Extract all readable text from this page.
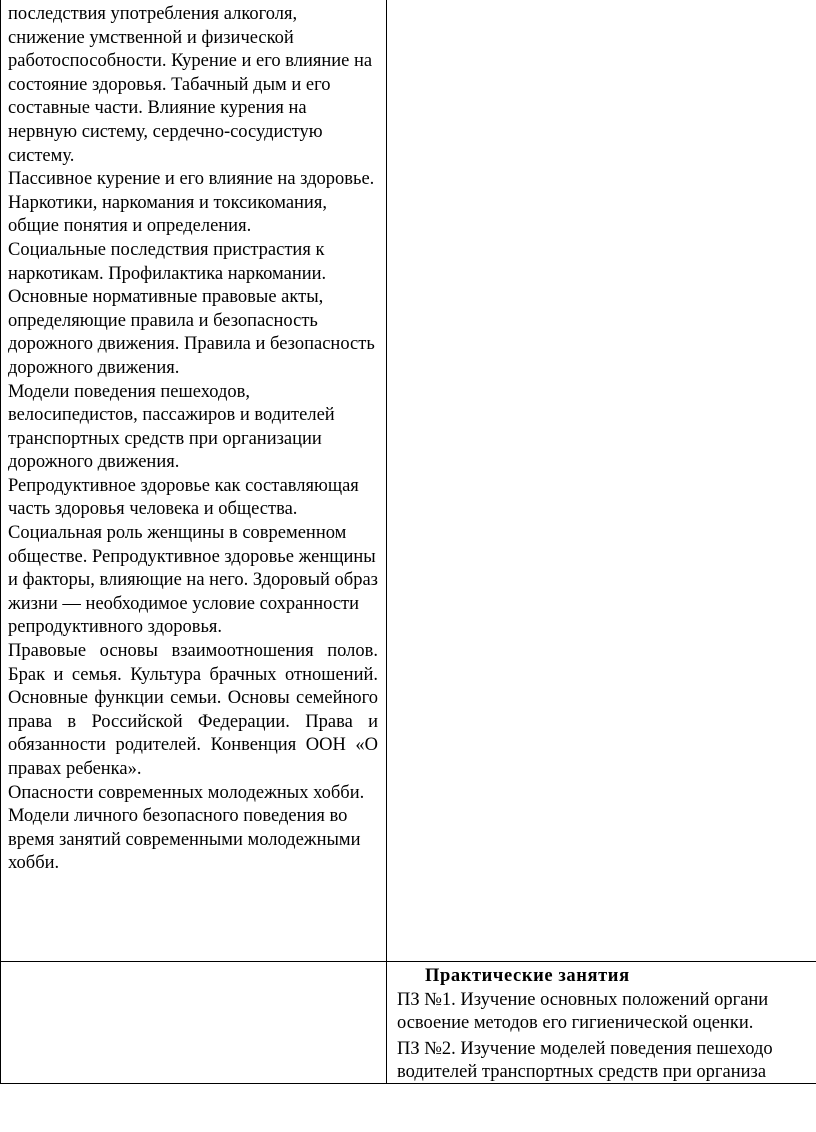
последствия употребления алкоголя, снижение умственной и физической работоспособности. Курение и его влияние на состояние здоровья. Табачный дым и его составные части. Влияние курения на нервную систему, сердечно-сосудистую систему.

Пассивное курение и его влияние на здоровье.

Наркотики, наркомания и токсикомания, общие понятия и определения.

Социальные последствия пристрастия к наркотикам. Профилактика наркомании.

Основные нормативные правовые акты, определяющие правила и безопасность дорожного движения. Правила и безопасность дорожного движения.

Модели поведения пешеходов, велосипедистов, пассажиров и водителей транспортных средств при организации дорожного движения.

Репродуктивное здоровье как составляющая часть здоровья человека и общества. Социальная роль женщины в современном обществе. Репродуктивное здоровье женщины и факторы, влияющие на него. Здоровый образ жизни — необходимое условие сохранности репродуктивного здоровья.

Правовые основы взаимоотношения полов. Брак и семья. Культура брачных отношений. Основные функции семьи. Основы семейного права в Российской Федерации. Права и обязанности родителей. Конвенция ООН «О правах ребенка».

Опасности современных молодежных хобби. Модели личного безопасного поведения во время занятий современными молодежными хобби.

Практические занятия

ПЗ №1. Изучение основных положений органи

освоение методов его гигиенической оценки.

ПЗ №2. Изучение моделей поведения пешеходо

водителей транспортных средств при организа
